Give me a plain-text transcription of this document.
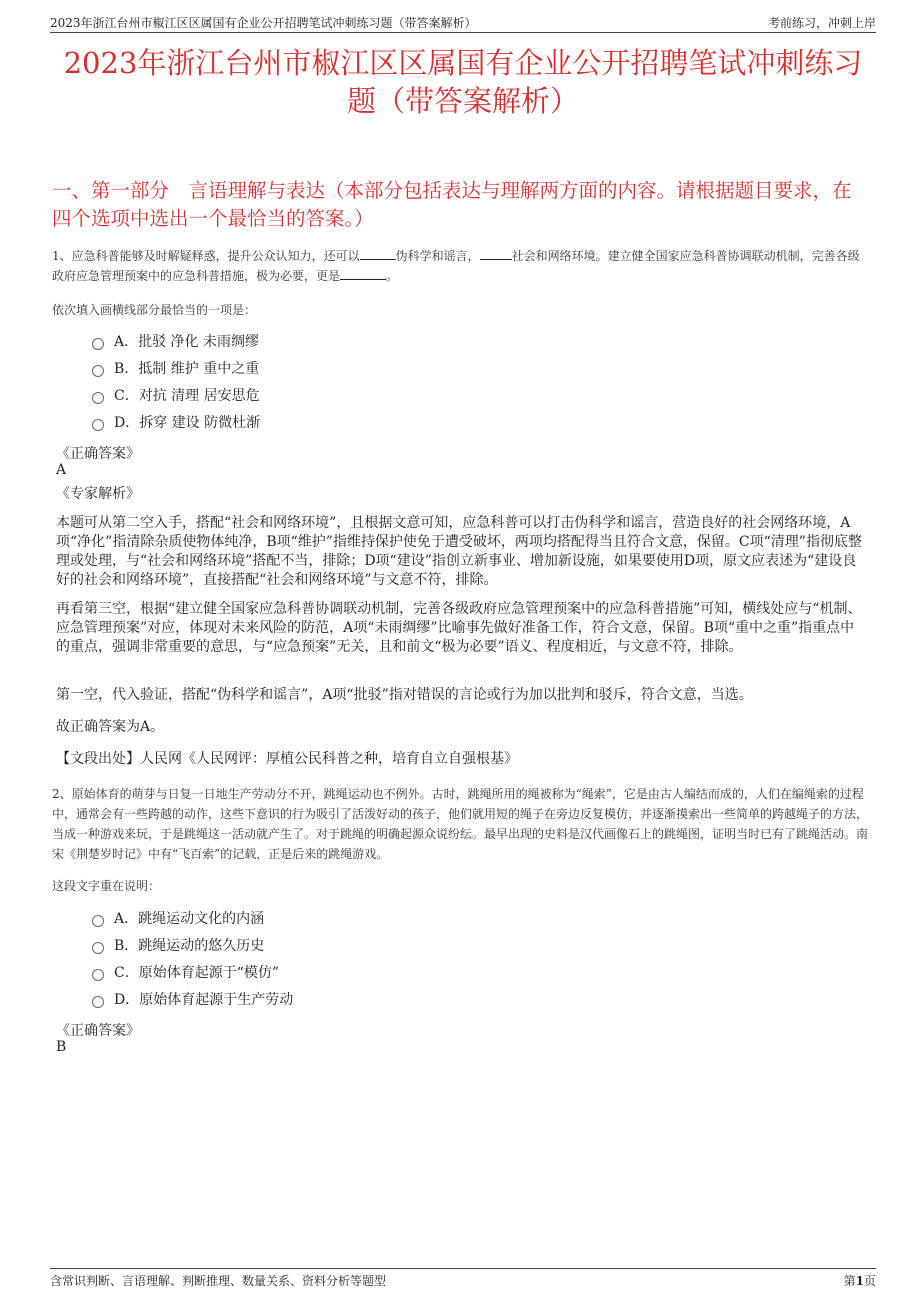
2023年浙江台州市椒江区区属国有企业公开招聘笔试冲刺练习题（带答案解析）	考前练习，冲刺上岸
2023年浙江台州市椒江区区属国有企业公开招聘笔试冲刺练习题（带答案解析）
一、第一部分　言语理解与表达（本部分包括表达与理解两方面的内容。请根据题目要求，在四个选项中选出一个最恰当的答案。）
1、应急科普能够及时解疑释惑，提升公众认知力，还可以	伪科学和谣言，	社会和网络环境。建立健全国家应急科普协调联动机制，完善各级政府应急管理预案中的应急科普措施，极为必要，更是	。
依次填入画横线部分最恰当的一项是：
A．批驳 净化 未雨绸缪
B．抵制 维护 重中之重
C．对抗 清理 居安思危
D．拆穿 建设 防微杜渐
《正确答案》
A
《专家解析》
本题可从第二空入手，搭配“社会和网络环境”，且根据文意可知，应急科普可以打击伪科学和谣言，营造良好的社会网络环境，A项“净化”指清除杂质使物体纯净，B项“维护”指维持保护使免于遭受破坏，两项均搭配得当且符合文意，保留。C项“清理”指彻底整理或处理，与“社会和网络环境”搭配不当，排除；D项“建设”指创立新事业、增加新设施，如果要使用D项，原文应表述为“建设良好的社会和网络环境”，直接搭配“社会和网络环境”与文意不符，排除。
再看第三空，根据“建立健全国家应急科普协调联动机制，完善各级政府应急管理预案中的应急科普措施”可知，横线处应与“机制、应急管理预案”对应，体现对未来风险的防范，A项“未雨绸缪”比喻事先做好准备工作，符合文意，保留。B项“重中之重”指重点中的重点，强调非常重要的意思，与“应急预案”无关，且和前文“极为必要”语义、程度相近，与文意不符，排除。
第一空，代入验证，搭配“伪科学和谣言”，A项“批驳”指对错误的言论或行为加以批判和驳斥，符合文意，当选。
故正确答案为A。
【文段出处】人民网《人民网评：厚植公民科普之种，培育自立自强根基》
2、原始体育的萌芽与日复一日地生产劳动分不开，跳绳运动也不例外。古时，跳绳所用的绳被称为“绳索”，它是由古人编结而成的，人们在编绳索的过程中，通常会有一些跨越的动作，这些下意识的行为吸引了活泼好动的孩子，他们就用短的绳子在旁边反复模仿，并逐渐摸索出一些简单的跨越绳子的方法，当成一种游戏来玩，于是跳绳这一活动就产生了。对于跳绳的明确起源众说纷纭。最早出现的史料是汉代画像石上的跳绳图，证明当时已有了跳绳活动。南宋《荆楚岁时记》中有“飞百索”的记载，正是后来的跳绳游戏。
这段文字重在说明：
A．跳绳运动文化的内涵
B．跳绳运动的悠久历史
C．原始体育起源于“模仿”
D．原始体育起源于生产劳动
《正确答案》
B
含常识判断、言语理解、判断推理、数量关系、资料分析等题型	第1页
